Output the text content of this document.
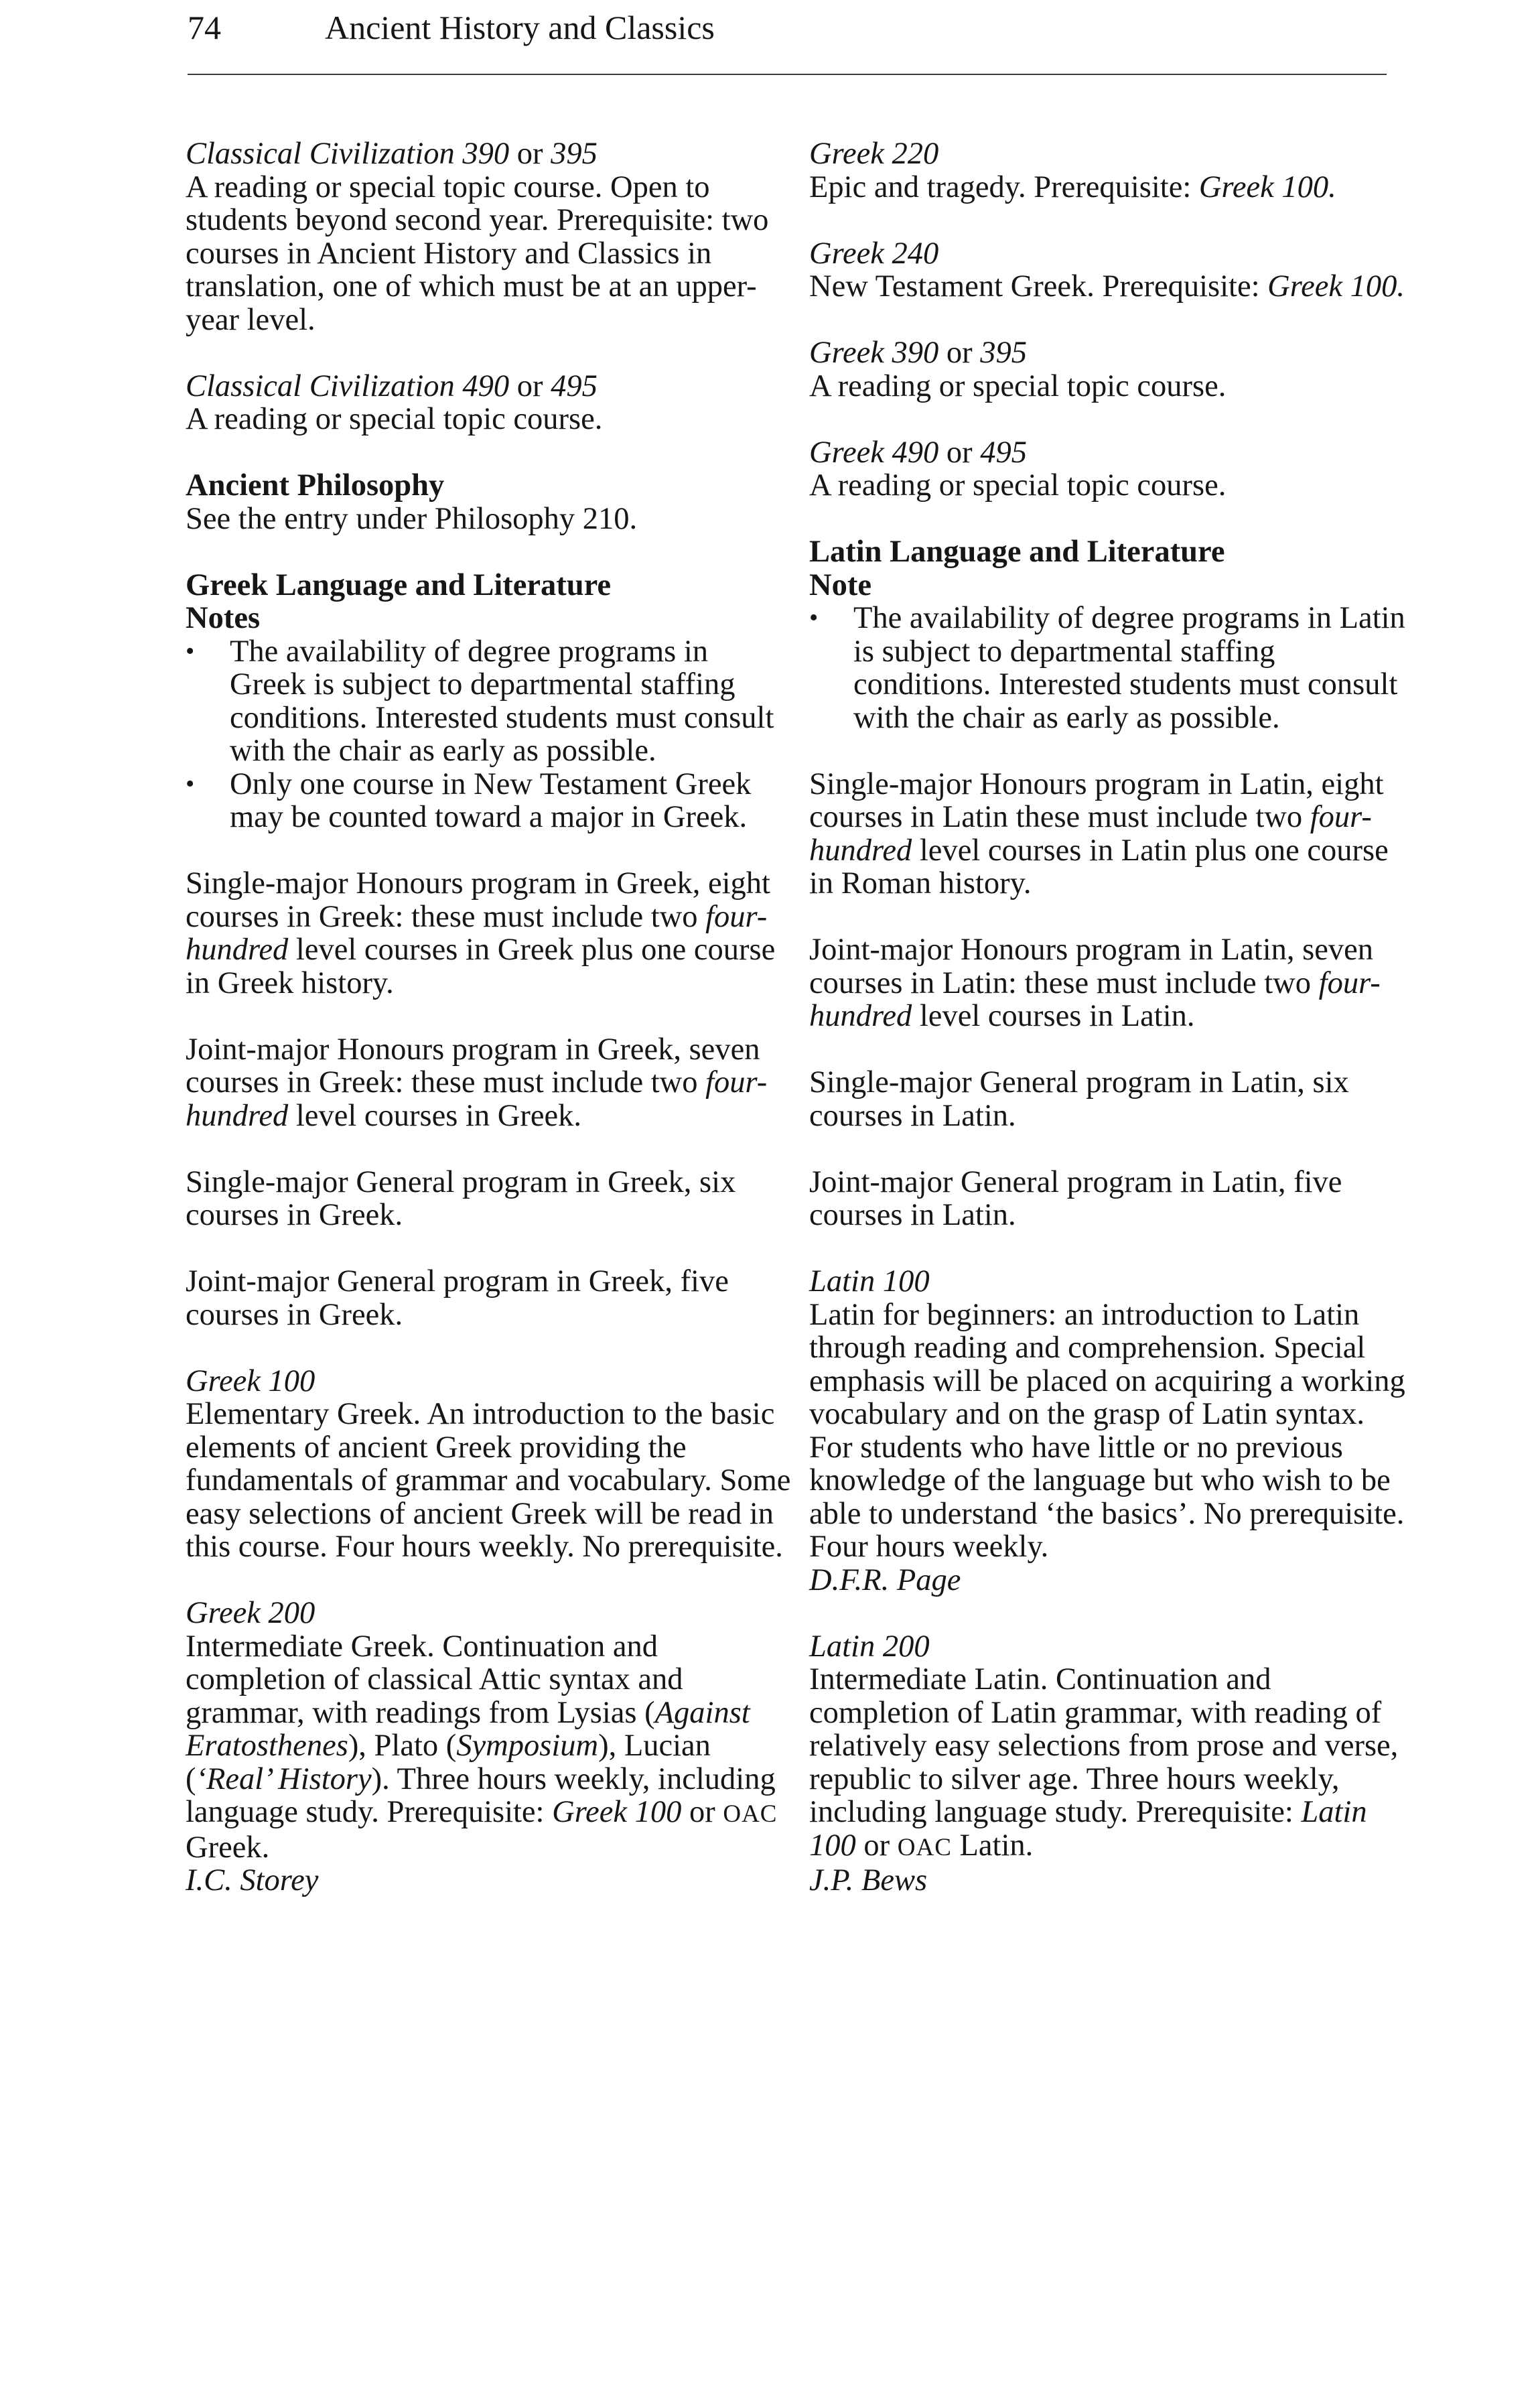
74	Ancient History and Classics

Classical Civilization 390 or 395

A reading or special topic course. Open to students beyond second year. Prerequisite: two courses in Ancient History and Classics in translation, one of which must be at an upper-year level.

Classical Civilization 490 or 495

A reading or special topic course.

Ancient Philosophy

See the entry under Philosophy 210.

Greek Language and Literature

Notes

• The availability of degree programs in Greek is subject to departmental staffing conditions. Interested students must consult with the chair as early as possible.
• Only one course in New Testament Greek may be counted toward a major in Greek.

Single-major Honours program in Greek, eight courses in Greek: these must include two four-hundred level courses in Greek plus one course in Greek history.

Joint-major Honours program in Greek, seven courses in Greek: these must include two four-hundred level courses in Greek.

Single-major General program in Greek, six courses in Greek.

Joint-major General program in Greek, five courses in Greek.

Greek 100

Elementary Greek. An introduction to the basic elements of ancient Greek providing the fundamentals of grammar and vocabulary. Some easy selections of ancient Greek will be read in this course. Four hours weekly. No prerequisite.

Greek 200

Intermediate Greek. Continuation and completion of classical Attic syntax and grammar, with readings from Lysias (Against Eratosthenes), Plato (Symposium), Lucian (‘Real’ History). Three hours weekly, including language study. Prerequisite: Greek 100 or OAC Greek.

I.C. Storey

Greek 220

Epic and tragedy. Prerequisite: Greek 100.

Greek 240

New Testament Greek. Prerequisite: Greek 100.

Greek 390 or 395

A reading or special topic course.

Greek 490 or 495

A reading or special topic course.

Latin Language and Literature

Note

• The availability of degree programs in Latin is subject to departmental staffing conditions. Interested students must consult with the chair as early as possible.

Single-major Honours program in Latin, eight courses in Latin these must include two four-hundred level courses in Latin plus one course in Roman history.

Joint-major Honours program in Latin, seven courses in Latin: these must include two four-hundred level courses in Latin.

Single-major General program in Latin, six courses in Latin.

Joint-major General program in Latin, five courses in Latin.

Latin 100

Latin for beginners: an introduction to Latin through reading and comprehension. Special emphasis will be placed on acquiring a working vocabulary and on the grasp of Latin syntax. For students who have little or no previous knowledge of the language but who wish to be able to understand ‘the basics’. No prerequisite. Four hours weekly.

D.F.R. Page

Latin 200

Intermediate Latin. Continuation and completion of Latin grammar, with reading of relatively easy selections from prose and verse, republic to silver age. Three hours weekly, including language study. Prerequisite: Latin 100 or OAC Latin.

J.P. Bews
